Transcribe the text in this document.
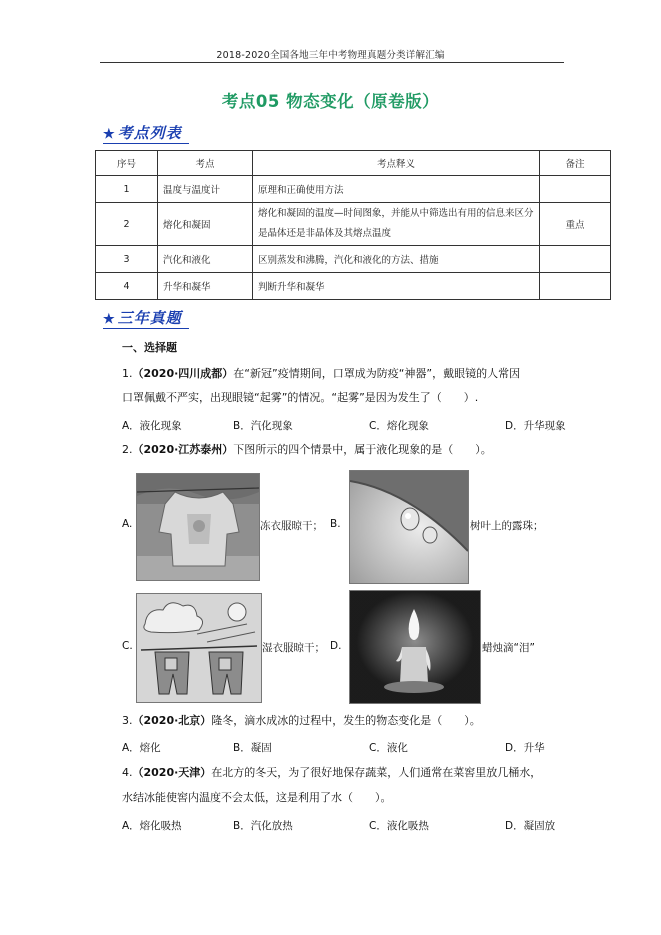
2018-2020全国各地三年中考物理真题分类详解汇编
考点05 物态变化（原卷版）
★ 考点列表
序号	考点	考点释义	备注
1	温度与温度计	原理和正确使用方法	
2	熔化和凝固	熔化和凝固的温度—时间图象，并能从中筛选出有用的信息来区分是晶体还是非晶体及其熔点温度	重点
3	汽化和液化	区别蒸发和沸腾，汽化和液化的方法、措施	
4	升华和凝华	判断升华和凝华	
★ 三年真题
一、选择题
1.（2020·四川成都）在“新冠”疫情期间，口罩成为防疫“神器”，戴眼镜的人常因
口罩佩戴不严实，出现眼镜“起雾”的情况。“起雾”是因为发生了（　　）.
A．液化现象	B．汽化现象	C．熔化现象	D．升华现象
2.（2020·江苏泰州）下图所示的四个情景中，属于液化现象的是（　　）。
A.	冻衣服晾干； B.	树叶上的露珠；
C.	湿衣服晾干； D.	蜡烛滴“泪”
3.（2020·北京）隆冬，滴水成冰的过程中，发生的物态变化是（　　）。
A．熔化	B．凝固	C．液化	D．升华
4.（2020·天津）在北方的冬天，为了很好地保存蔬菜，人们通常在菜窖里放几桶水，
水结冰能使窖内温度不会太低，这是利用了水（　　）。
A．熔化吸热	B．汽化放热	C．液化吸热	D．凝固放
